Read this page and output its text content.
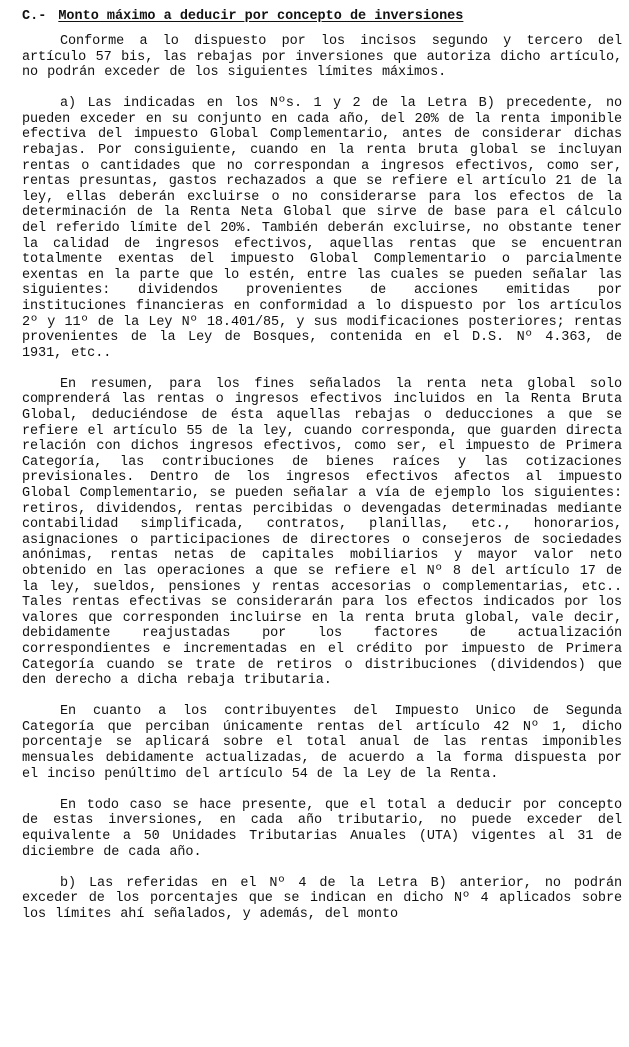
C.- Monto máximo a deducir por concepto de inversiones

Conforme a lo dispuesto por los incisos segundo y tercero del artículo 57 bis, las rebajas por inversiones que autoriza dicho artículo, no podrán exceder de los siguientes límites máximos.

a) Las indicadas en los Nºs. 1 y 2 de la Letra B) precedente, no pueden exceder en su conjunto en cada año, del 20% de la renta imponible efectiva del impuesto Global Complementario, antes de considerar dichas rebajas. Por consiguiente, cuando en la renta bruta global se incluyan rentas o cantidades que no correspondan a ingresos efectivos, como ser, rentas presuntas, gastos rechazados a que se refiere el artículo 21 de la ley, ellas deberán excluirse o no considerarse para los efectos de la determinación de la Renta Neta Global que sirve de base para el cálculo del referido límite del 20%. También deberán excluirse, no obstante tener la calidad de ingresos efectivos, aquellas rentas que se encuentran totalmente exentas del impuesto Global Complementario o parcialmente exentas en la parte que lo estén, entre las cuales se pueden señalar las siguientes: dividendos provenientes de acciones emitidas por instituciones financieras en conformidad a lo dispuesto por los artículos 2º y 11º de la Ley Nº 18.401/85, y sus modificaciones posteriores; rentas provenientes de la Ley de Bosques, contenida en el D.S. Nº 4.363, de 1931, etc..

En resumen, para los fines señalados la renta neta global solo comprenderá las rentas o ingresos efectivos incluidos en la Renta Bruta Global, deduciéndose de ésta aquellas rebajas o deducciones a que se refiere el artículo 55 de la ley, cuando corresponda, que guarden directa relación con dichos ingresos efectivos, como ser, el impuesto de Primera Categoría, las contribuciones de bienes raíces y las cotizaciones previsionales. Dentro de los ingresos efectivos afectos al impuesto Global Complementario, se pueden señalar a vía de ejemplo los siguientes: retiros, dividendos, rentas percibidas o devengadas determinadas mediante contabilidad simplificada, contratos, planillas, etc., honorarios, asignaciones o participaciones de directores o consejeros de sociedades anónimas, rentas netas de capitales mobiliarios y mayor valor neto obtenido en las operaciones a que se refiere el Nº 8 del artículo 17 de la ley, sueldos, pensiones y rentas accesorias o complementarias, etc.. Tales rentas efectivas se considerarán para los efectos indicados por los valores que corresponden incluirse en la renta bruta global, vale decir, debidamente reajustadas por los factores de actualización correspondientes e incrementadas en el crédito por impuesto de Primera Categoría cuando se trate de retiros o distribuciones (dividendos) que den derecho a dicha rebaja tributaria.

En cuanto a los contribuyentes del Impuesto Unico de Segunda Categoría que perciban únicamente rentas del artículo 42 Nº 1, dicho porcentaje se aplicará sobre el total anual de las rentas imponibles mensuales debidamente actualizadas, de acuerdo a la forma dispuesta por el inciso penúltimo del artículo 54 de la Ley de la Renta.

En todo caso se hace presente, que el total a deducir por concepto de estas inversiones, en cada año tributario, no puede exceder del equivalente a 50 Unidades Tributarias Anuales (UTA) vigentes al 31 de diciembre de cada año.

b) Las referidas en el Nº 4 de la Letra B) anterior, no podrán exceder de los porcentajes que se indican en dicho Nº 4 aplicados sobre los límites ahí señalados, y además, del monto
